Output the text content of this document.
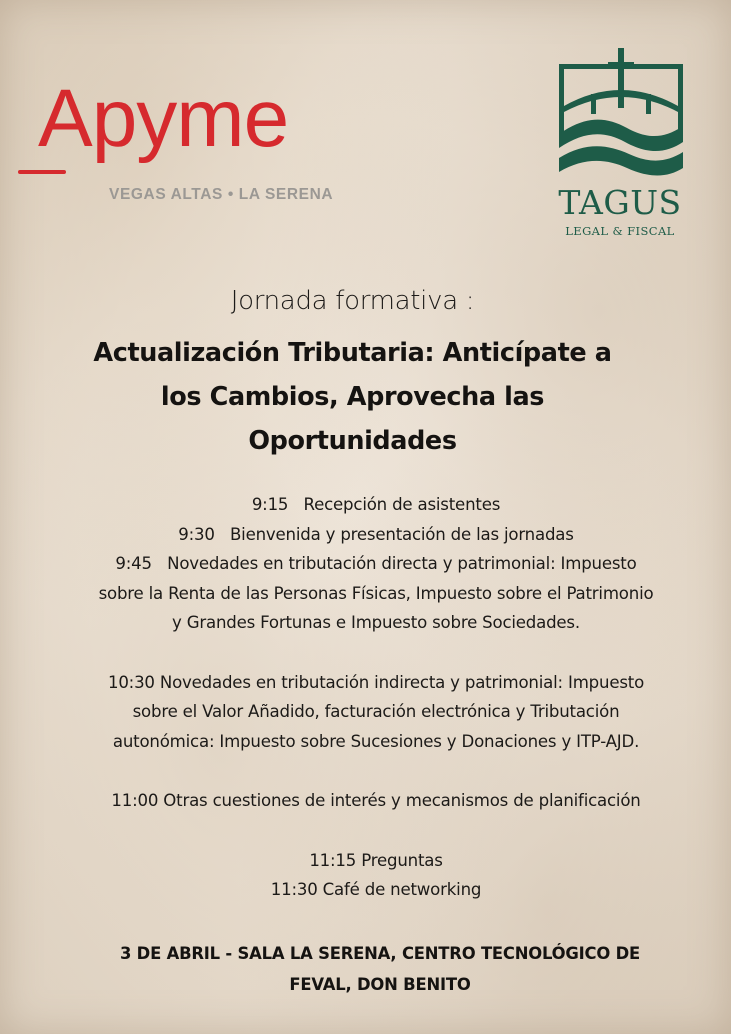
Apyme
VEGAS ALTAS • LA SERENA	TAGUS
LEGAL & FISCAL
Jornada formativa :
Actualización Tributaria: Anticípate a
los Cambios, Aprovecha las
Oportunidades
9:15 Recepción de asistentes
9:30 Bienvenida y presentación de las jornadas
9:45 Novedades en tributación directa y patrimonial: Impuesto
sobre la Renta de las Personas Físicas, Impuesto sobre el Patrimonio
y Grandes Fortunas e Impuesto sobre Sociedades.
10:30 Novedades en tributación indirecta y patrimonial: Impuesto
sobre el Valor Añadido, facturación electrónica y Tributación
autonómica: Impuesto sobre Sucesiones y Donaciones y ITP-AJD.
11:00 Otras cuestiones de interés y mecanismos de planificación
11:15 Preguntas
11:30 Café de networking
3 DE ABRIL - SALA LA SERENA, CENTRO TECNOLÓGICO DE
FEVAL, DON BENITO
